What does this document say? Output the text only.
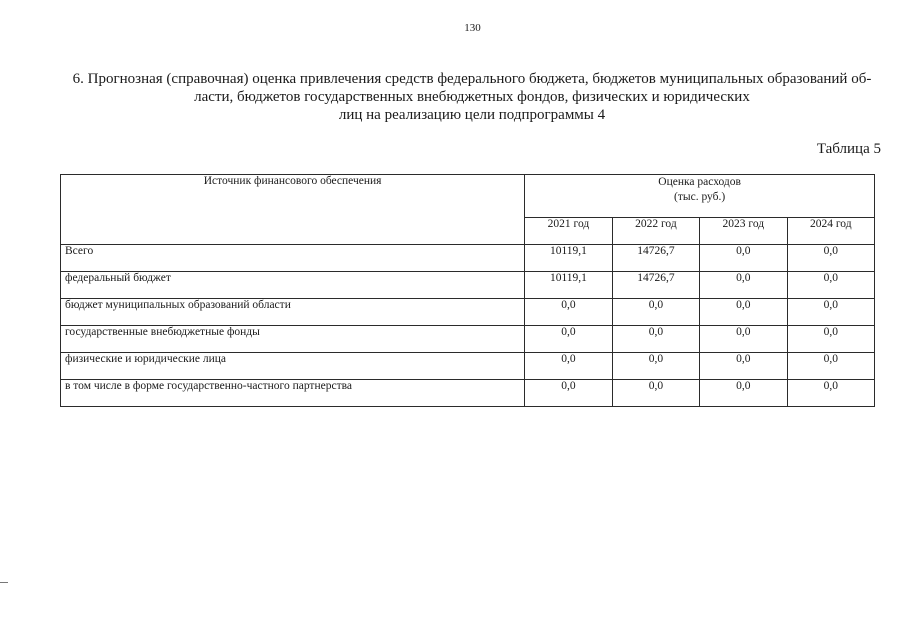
130
6. Прогнозная (справочная) оценка привлечения средств федерального бюджета, бюджетов муниципальных образований об-
ласти, бюджетов государственных внебюджетных фондов, физических и юридических
лиц на реализацию цели подпрограммы 4
Таблица 5
Источник финансового обеспечения	Оценка расходов
(тыс. руб.)			

	2021 год	2022 год	2023 год	2024 год
Всего	10119,1	14726,7	0,0	0,0
федеральный бюджет	10119,1	14726,7	0,0	0,0
бюджет муниципальных образований области	0,0	0,0	0,0	0,0
государственные внебюджетные фонды	0,0	0,0	0,0	0,0
физические и юридические лица	0,0	0,0	0,0	0,0
в том числе в форме государственно-частного партнерства	0,0	0,0	0,0	0,0
